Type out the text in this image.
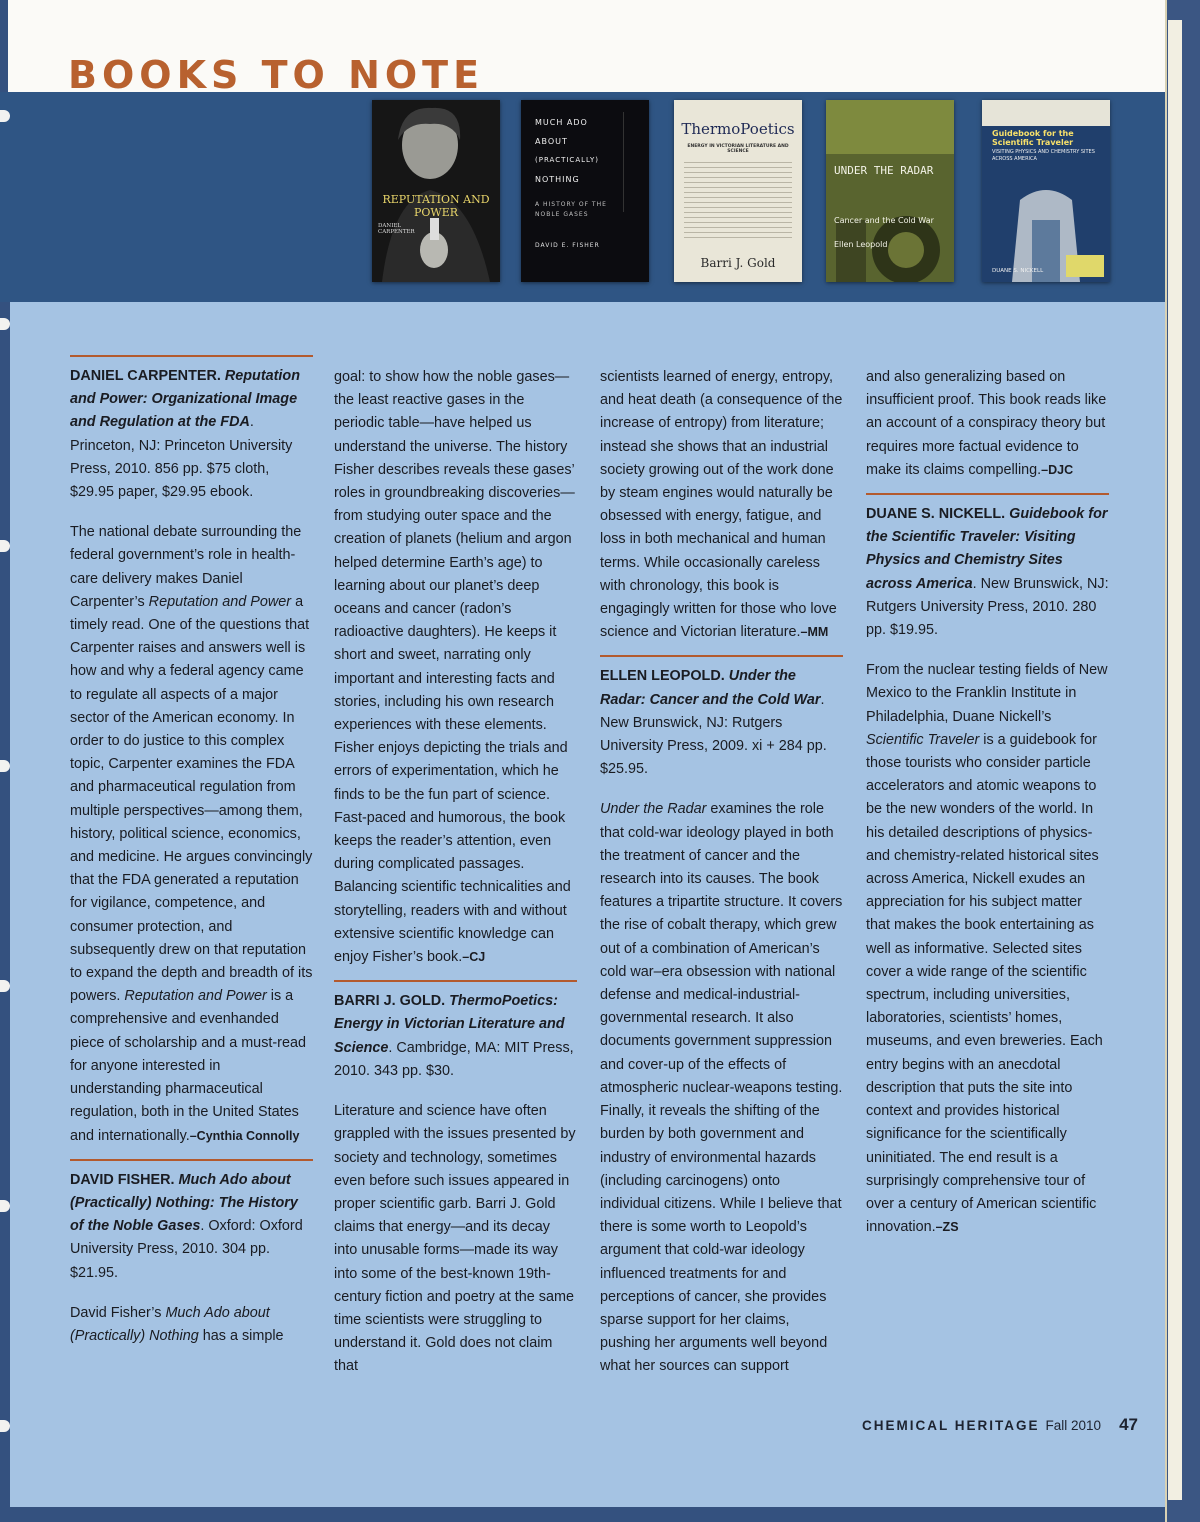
BOOKS TO NOTE
REPUTATION AND POWER
DANIEL CARPENTER
MUCH ADO
ABOUT
(PRACTICALLY)
NOTHING
A HISTORY OF THE NOBLE GASES
DAVID E. FISHER
ThermoPoetics
ENERGY IN VICTORIAN LITERATURE AND SCIENCE
Barri J. Gold
UNDER THE RADAR
Cancer and the Cold War
Ellen Leopold
Guidebook for the Scientific Traveler
VISITING PHYSICS AND CHEMISTRY SITES ACROSS AMERICA
DUANE S. NICKELL

DANIEL CARPENTER. Reputation and Power: Organizational Image and Regulation at the FDA. Princeton, NJ: Princeton University Press, 2010. 856 pp. $75 cloth, $29.95 paper, $29.95 ebook.

The national debate surrounding the federal government’s role in health-care delivery makes Daniel Carpenter’s Reputation and Power a timely read. One of the questions that Carpenter raises and answers well is how and why a federal agency came to regulate all aspects of a major sector of the American economy. In order to do justice to this complex topic, Carpenter examines the FDA and pharmaceutical regulation from multiple perspectives—among them, history, political science, economics, and medicine. He argues convincingly that the FDA generated a reputation for vigilance, competence, and consumer protection, and subsequently drew on that reputation to expand the depth and breadth of its powers. Reputation and Power is a comprehensive and evenhanded piece of scholarship and a must-read for anyone interested in understanding pharmaceutical regulation, both in the United States and internationally.–Cynthia Connolly

DAVID FISHER. Much Ado about (Practically) Nothing: The History of the Noble Gases. Oxford: Oxford University Press, 2010. 304 pp. $21.95.

David Fisher’s Much Ado about (Practically) Nothing has a simple

goal: to show how the noble gases—the least reactive gases in the periodic table—have helped us understand the universe. The history Fisher describes reveals these gases’ roles in groundbreaking discoveries—from studying outer space and the creation of planets (helium and argon helped determine Earth’s age) to learning about our planet’s deep oceans and cancer (radon’s radioactive daughters). He keeps it short and sweet, narrating only important and interesting facts and stories, including his own research experiences with these elements. Fisher enjoys depicting the trials and errors of experimentation, which he finds to be the fun part of science. Fast-paced and humorous, the book keeps the reader’s attention, even during complicated passages. Balancing scientific technicalities and storytelling, readers with and without extensive scientific knowledge can enjoy Fisher’s book.–CJ

BARRI J. GOLD. ThermoPoetics: Energy in Victorian Literature and Science. Cambridge, MA: MIT Press, 2010. 343 pp. $30.

Literature and science have often grappled with the issues presented by society and technology, sometimes even before such issues appeared in proper scientific garb. Barri J. Gold claims that energy—and its decay into unusable forms—made its way into some of the best-known 19th-century fiction and poetry at the same time scientists were struggling to understand it. Gold does not claim that

scientists learned of energy, entropy, and heat death (a consequence of the increase of entropy) from literature; instead she shows that an industrial society growing out of the work done by steam engines would naturally be obsessed with energy, fatigue, and loss in both mechanical and human terms. While occasionally careless with chronology, this book is engagingly written for those who love science and Victorian literature.–MM

ELLEN LEOPOLD. Under the Radar: Cancer and the Cold War. New Brunswick, NJ: Rutgers University Press, 2009. xi + 284 pp. $25.95.

Under the Radar examines the role that cold-war ideology played in both the treatment of cancer and the research into its causes. The book features a tripartite structure. It covers the rise of cobalt therapy, which grew out of a combination of American’s cold war–era obsession with national defense and medical-industrial-governmental research. It also documents government suppression and cover-up of the effects of atmospheric nuclear-weapons testing. Finally, it reveals the shifting of the burden by both government and industry of environmental hazards (including carcinogens) onto individual citizens. While I believe that there is some worth to Leopold’s argument that cold-war ideology influenced treatments for and perceptions of cancer, she provides sparse support for her claims, pushing her arguments well beyond what her sources can support

and also generalizing based on insufficient proof. This book reads like an account of a conspiracy theory but requires more factual evidence to make its claims compelling.–DJC

DUANE S. NICKELL. Guidebook for the Scientific Traveler: Visiting Physics and Chemistry Sites across America. New Brunswick, NJ: Rutgers University Press, 2010. 280 pp. $19.95.

From the nuclear testing fields of New Mexico to the Franklin Institute in Philadelphia, Duane Nickell’s Scientific Traveler is a guidebook for those tourists who consider particle accelerators and atomic weapons to be the new wonders of the world. In his detailed descriptions of physics- and chemistry-related historical sites across America, Nickell exudes an appreciation for his subject matter that makes the book entertaining as well as informative. Selected sites cover a wide range of the scientific spectrum, including universities, laboratories, scientists’ homes, museums, and even breweries. Each entry begins with an anecdotal description that puts the site into context and provides historical significance for the scientifically uninitiated. The end result is a surprisingly comprehensive tour of over a century of American scientific innovation.–ZS

CHEMICAL HERITAGE Fall 2010 47
